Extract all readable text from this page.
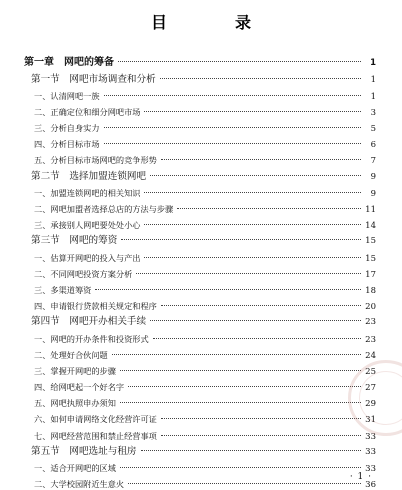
目　录
第一章　网吧的筹备	1
第一节　网吧市场调查和分析	1
一、认清网吧一族	1
二、正确定位和细分网吧市场	3
三、分析自身实力	5
四、分析目标市场	6
五、分析目标市场网吧的竞争形势	7
第二节　选择加盟连锁网吧	9
一、加盟连锁网吧的相关知识	9
二、网吧加盟者选择总店的方法与步骤	11
三、承接别人网吧要处处小心	14
第三节　网吧的筹资	15
一、估算开网吧的投入与产出	15
二、不同网吧投资方案分析	17
三、多渠道筹资	18
四、申请银行贷款相关规定和程序	20
第四节　网吧开办相关手续	23
一、网吧的开办条件和投资形式	23
二、处理好合伙问题	24
三、掌握开网吧的步骤	25
四、给网吧起一个好名字	27
五、网吧执照申办须知	29
六、如何申请网络文化经营许可证	31
七、网吧经营范围和禁止经营事项	33
第五节　网吧选址与租房	33
一、适合开网吧的区域	33
二、大学校园附近生意火	36
· 1 ·
